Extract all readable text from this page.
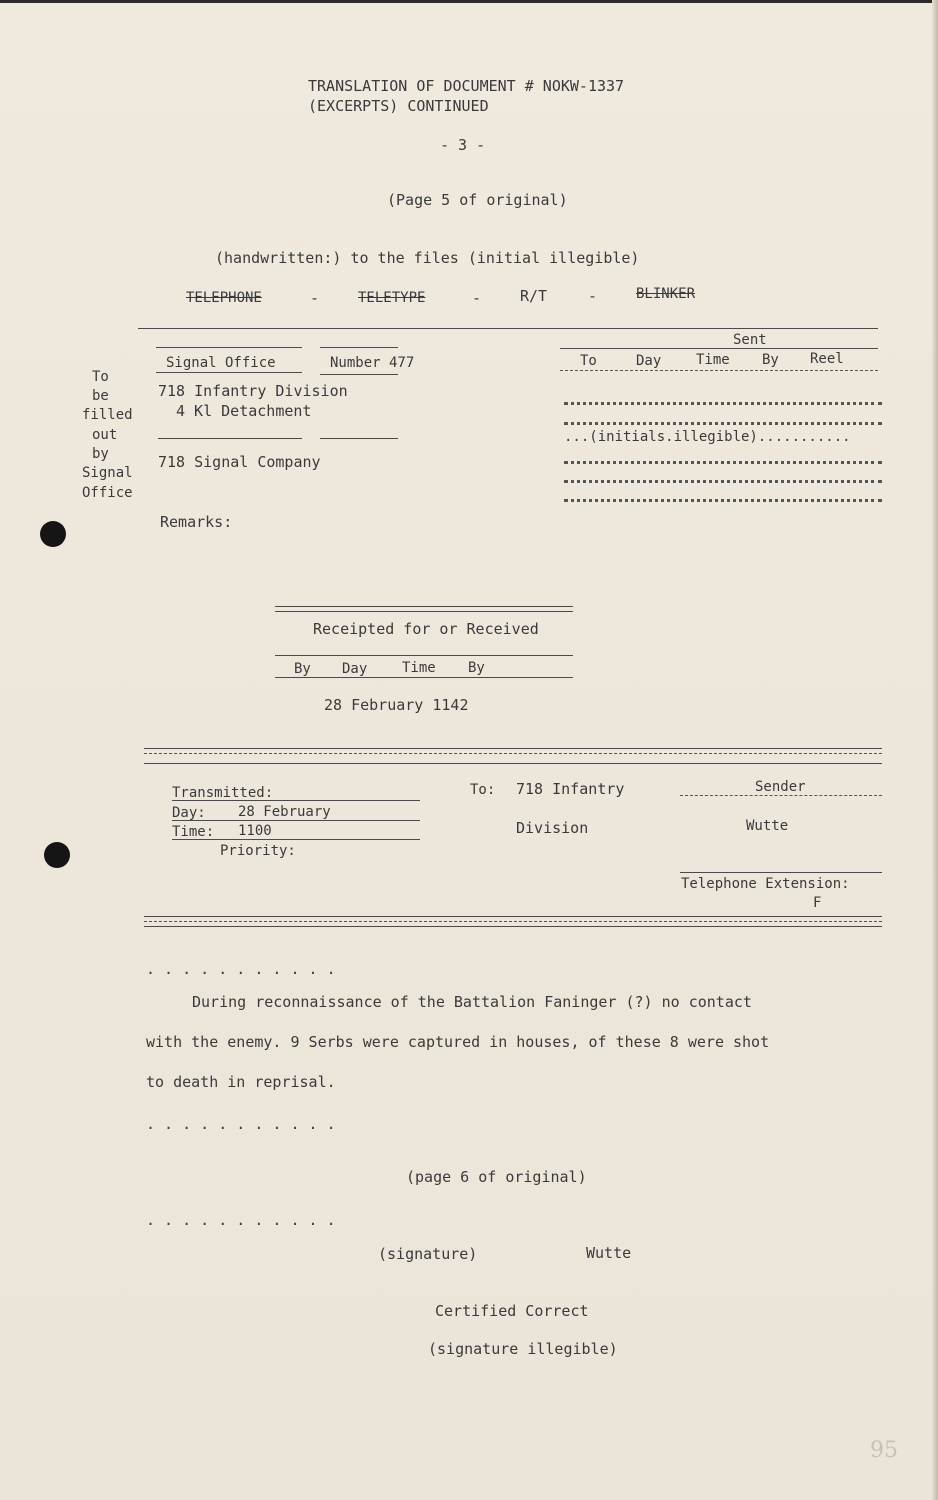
TRANSLATION OF DOCUMENT # NOKW-1337
(EXCERPTS) CONTINUED
- 3 -
(Page 5 of original)
(handwritten:) to the files (initial illegible)
TELEPHONE	-	TELETYPE	-	R/T	-	BLINKER
Signal Office	Number 477
To
be
filled
out
by
Signal
Office
718 Infantry Division
4 Kl Detachment
718 Signal Company
Remarks:
Sent
To	Day Time By Reel
...(initials.illegible)...........
Receipted for or Received
By Day Time By
28 February 1142
Transmitted:
Day: 28 February
Time: 1100
Priority:
To: 718 Infantry
Division
Sender
Wutte
Telephone Extension:
F
. . . . . . . . . . .
During reconnaissance of the Battalion Faninger (?) no contact
with the enemy. 9 Serbs were captured in houses, of these 8 were shot
to death in reprisal.
. . . . . . . . . . .
(page 6 of original)
. . . . . . . . . . .
(signature)	Wutte
Certified Correct
(signature illegible)
95
